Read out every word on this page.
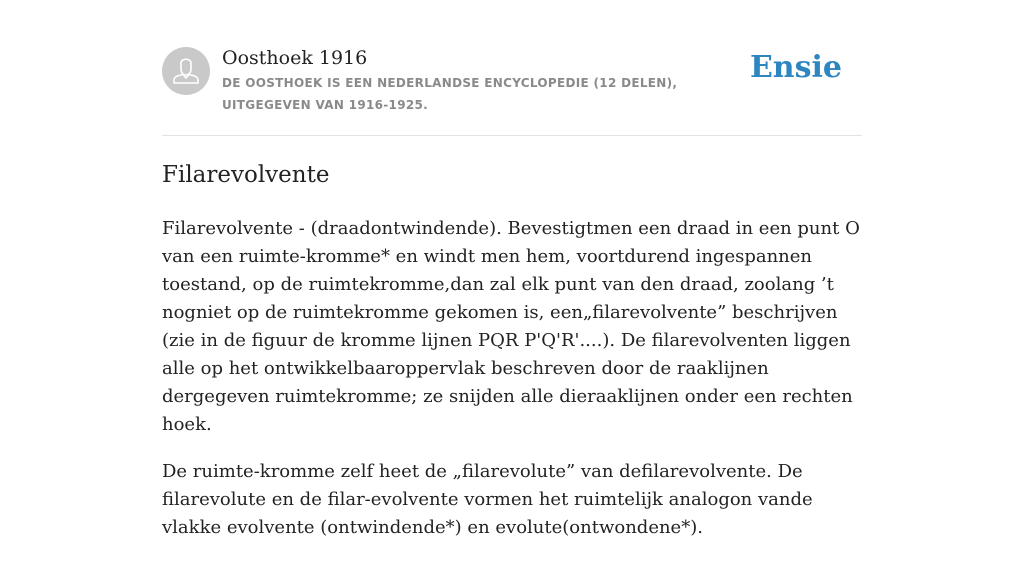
Oosthoek 1916
DE OOSTHOEK IS EEN NEDERLANDSE ENCYCLOPEDIE (12 DELEN), UITGEGEVEN VAN 1916-1925.
Ensie
Filarevolvente

Filarevolvente - (draadontwindende). Bevestigtmen een draad in een punt O van een ruimte-kromme* en windt men hem, voortdurend ingespannen toestand, op de ruimtekromme,dan zal elk punt van den draad, zoolang ’t nogniet op de ruimtekromme gekomen is, een„filarevolvente” beschrijven (zie in de figuur de kromme lijnen PQR P'Q'R'....). De filarevolventen liggen alle op het ontwikkelbaaroppervlak beschreven door de raaklijnen dergegeven ruimtekromme; ze snijden alle dieraaklijnen onder een rechten hoek.

De ruimte-kromme zelf heet de „filarevolute” van defilarevolvente. De filarevolute en de filar-evolvente vormen het ruimtelijk analogon vande vlakke evolvente (ontwindende*) en evolute(ontwondene*).
